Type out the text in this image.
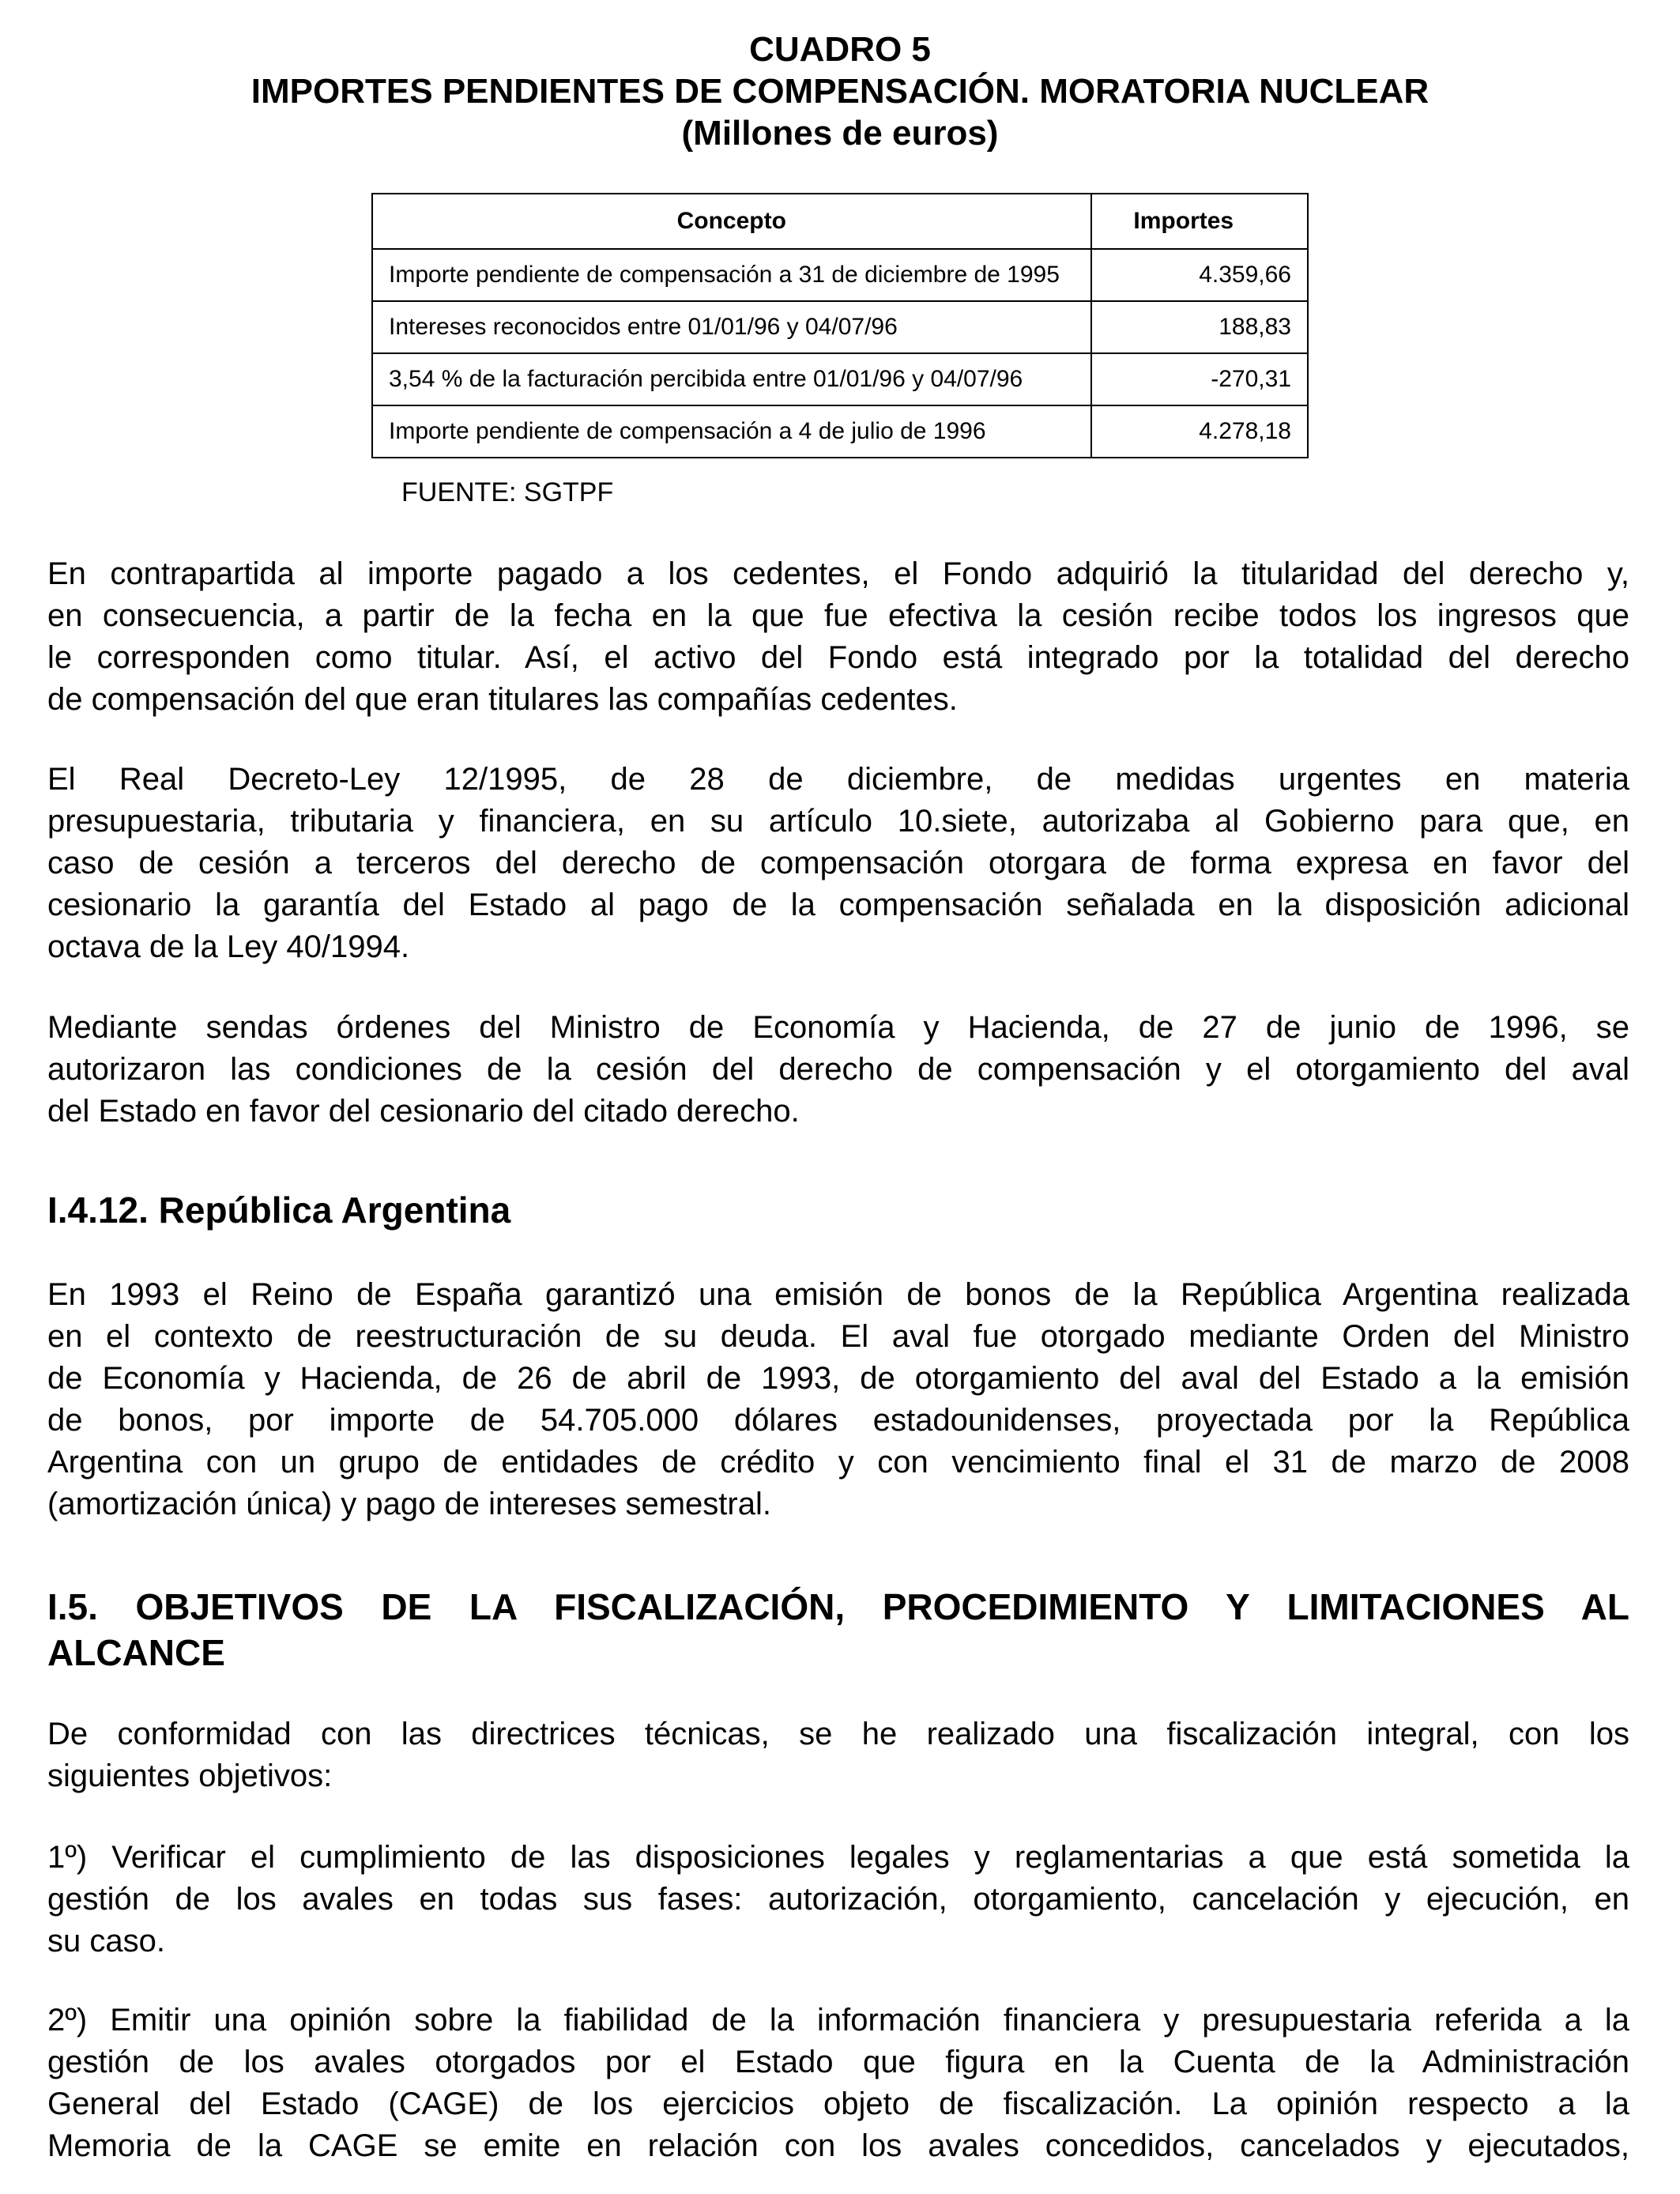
CUADRO 5
IMPORTES PENDIENTES DE COMPENSACIÓN. MORATORIA NUCLEAR
(Millones de euros)
Concepto	Importes
Importe pendiente de compensación a 31 de diciembre de 1995	4.359,66
Intereses reconocidos entre 01/01/96 y 04/07/96	188,83
3,54 % de la facturación percibida entre 01/01/96 y 04/07/96	-270,31
Importe pendiente de compensación a 4 de julio de 1996	4.278,18
FUENTE: SGTPF
En contrapartida al importe pagado a los cedentes, el Fondo adquirió la titularidad del derecho y,
en consecuencia, a partir de la fecha en la que fue efectiva la cesión recibe todos los ingresos que
le corresponden como titular. Así, el activo del Fondo está integrado por la totalidad del derecho
de compensación del que eran titulares las compañías cedentes.
El Real Decreto-Ley 12/1995, de 28 de diciembre, de medidas urgentes en materia
presupuestaria, tributaria y financiera, en su artículo 10.siete, autorizaba al Gobierno para que, en
caso de cesión a terceros del derecho de compensación otorgara de forma expresa en favor del
cesionario la garantía del Estado al pago de la compensación señalada en la disposición adicional
octava de la Ley 40/1994.
Mediante sendas órdenes del Ministro de Economía y Hacienda, de 27 de junio de 1996, se
autorizaron las condiciones de la cesión del derecho de compensación y el otorgamiento del aval
del Estado en favor del cesionario del citado derecho.
I.4.12. República Argentina
En 1993 el Reino de España garantizó una emisión de bonos de la República Argentina realizada
en el contexto de reestructuración de su deuda. El aval fue otorgado mediante Orden del Ministro
de Economía y Hacienda, de 26 de abril de 1993, de otorgamiento del aval del Estado a la emisión
de bonos, por importe de 54.705.000 dólares estadounidenses, proyectada por la República
Argentina con un grupo de entidades de crédito y con vencimiento final el 31 de marzo de 2008
(amortización única) y pago de intereses semestral.
I.5. OBJETIVOS DE LA FISCALIZACIÓN, PROCEDIMIENTO Y LIMITACIONES AL
ALCANCE
De conformidad con las directrices técnicas, se he realizado una fiscalización integral, con los
siguientes objetivos:
1º) Verificar el cumplimiento de las disposiciones legales y reglamentarias a que está sometida la
gestión de los avales en todas sus fases: autorización, otorgamiento, cancelación y ejecución, en
su caso.
2º) Emitir una opinión sobre la fiabilidad de la información financiera y presupuestaria referida a la
gestión de los avales otorgados por el Estado que figura en la Cuenta de la Administración
General del Estado (CAGE) de los ejercicios objeto de fiscalización. La opinión respecto a la
Memoria de la CAGE se emite en relación con los avales concedidos, cancelados y ejecutados,
